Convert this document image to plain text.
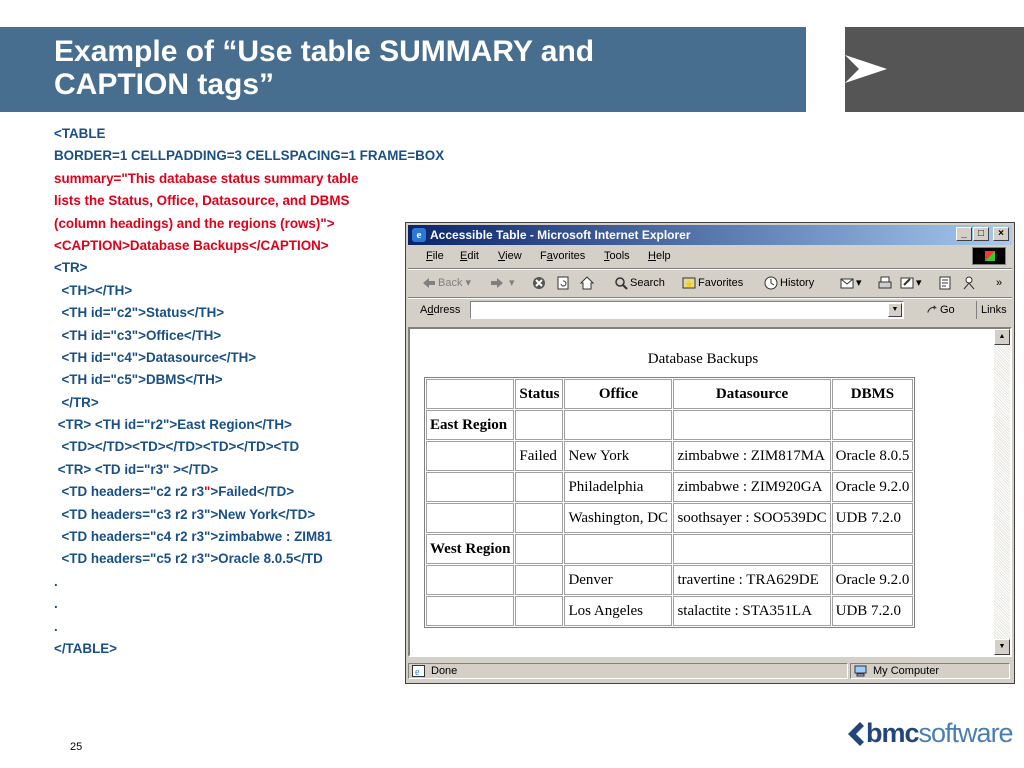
Example of “Use table SUMMARY and
CAPTION tags”
<TABLE
BORDER=1 CELLPADDING=3 CELLSPACING=1 FRAME=BOX
summary="This database status summary table
lists the Status, Office, Datasource, and DBMS
(column headings) and the regions (rows)">
<CAPTION>Database Backups</CAPTION>
<TR>
<TH></TH>
<TH id="c2">Status</TH>
<TH id="c3">Office</TH>
<TH id="c4">Datasource</TH>
<TH id="c5">DBMS</TH>
</TR>
<TR> <TH id="r2">East Region</TH>
<TD></TD><TD></TD><TD></TD><TD
<TR> <TD id="r3" ></TD>
<TD headers="c2 r2 r3">Failed</TD>
<TD headers="c3 r2 r3">New York</TD>
<TD headers="c4 r2 r3">zimbabwe : ZIM81
<TD headers="c5 r2 r3">Oracle 8.0.5</TD
.
.
.
</TABLE>
e Accessible Table - Microsoft Internet Explorer	_	□	×
File Edit View Favorites Tools Help
Back ▾	▾	Search	Favorites	History	▾	▾	»
Address	▼	Go	Links
Database Backups
	Status	Office	Datasource	DBMS
East Region				
	Failed	New York	zimbabwe : ZIM817MA	Oracle 8.0.5
		Philadelphia	zimbabwe : ZIM920GA	Oracle 9.2.0
		Washington, DC	soothsayer : SOO539DC	UDB 7.2.0
West Region				
		Denver	travertine : TRA629DE	Oracle 9.2.0
		Los Angeles	stalactite : STA351LA	UDB 7.2.0
▲
▼
e Done	My Computer
25	bmcsoftware
